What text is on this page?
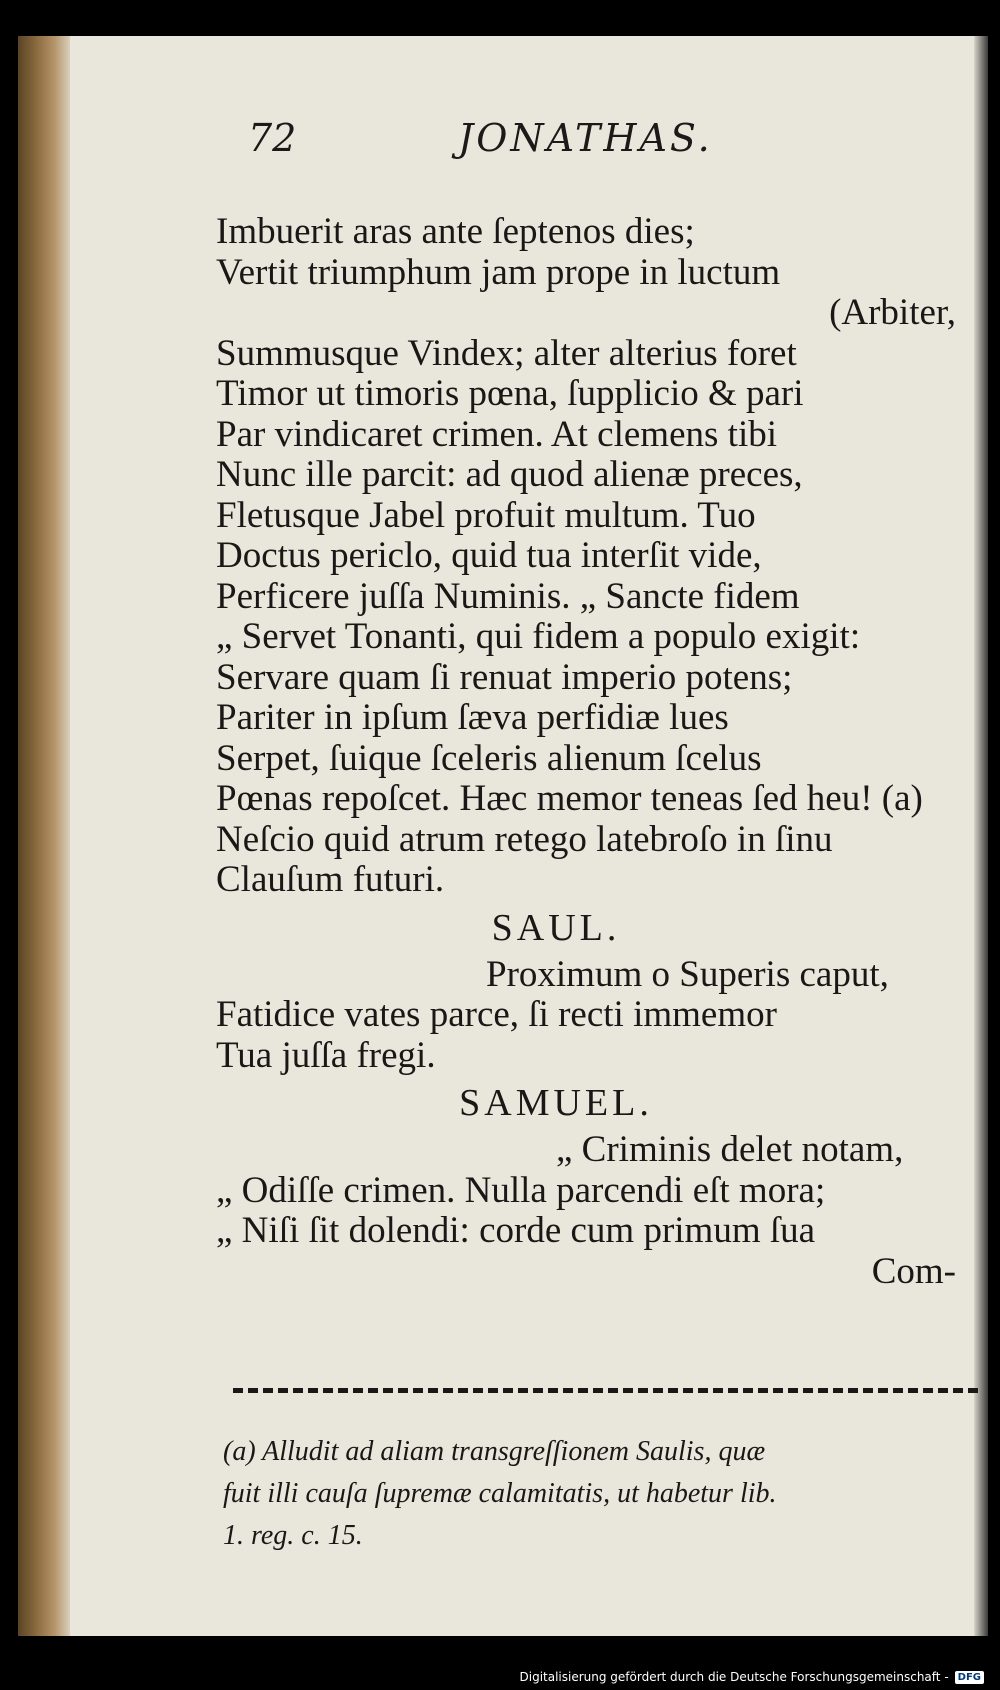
72	JONATHAS.
Imbuerit aras ante ſeptenos dies;
Vertit triumphum jam prope in luctum
(Arbiter,
Summusque Vindex; alter alterius foret
Timor ut timoris pœna, ſupplicio & pari
Par vindicaret crimen. At clemens tibi
Nunc ille parcit: ad quod alienæ preces,
Fletusque Jabel profuit multum. Tuo
Doctus periclo, quid tua interſit vide,
Perficere juſſa Numinis. „ Sancte fidem
„ Servet Tonanti, qui fidem a populo exigit:
Servare quam ſi renuat imperio potens;
Pariter in ipſum ſæva perfidiæ lues
Serpet, ſuique ſceleris alienum ſcelus
Pœnas repoſcet. Hæc memor teneas ſed heu! (a)
Neſcio quid atrum retego latebroſo in ſinu
Clauſum futuri.
SAUL.
Proximum o Superis caput,
Fatidice vates parce, ſi recti immemor
Tua juſſa fregi.
SAMUEL.
„ Criminis delet notam,
„ Odiſſe crimen. Nulla parcendi eſt mora;
„ Niſi ſit dolendi: corde cum primum ſua
Com-
(a) Alludit ad aliam transgreſſionem Saulis, quæ
fuit illi cauſa ſupremæ calamitatis, ut habetur lib.
1. reg. c. 15.
Digitalisierung gefördert durch die Deutsche Forschungsgemeinschaft - DFG
